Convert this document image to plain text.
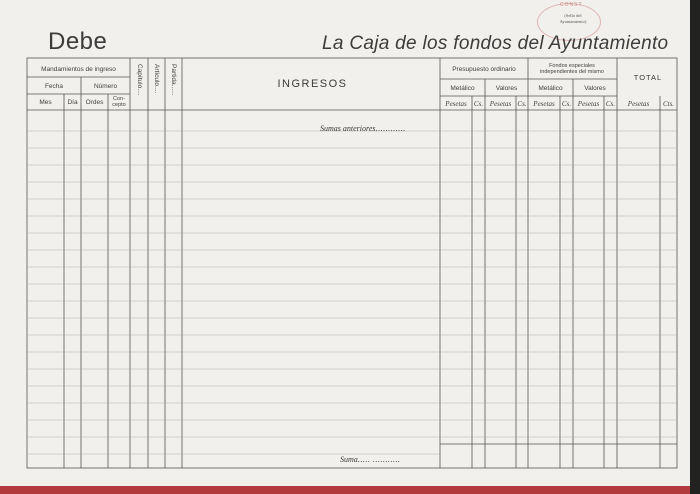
CONST
(Sello del Ayuntamiento)
Debe	La Caja de los fondos del Ayuntamiento
Mandamientos de ingreso
Fecha	Número
Mes	Día	Ordes	Con-
cepto
Capítulo.... Artículo.... Partida......	INGRESOS
Presupuesto ordinario	Fondos especiales independientes del mismo
Metálico	Valores	Metálico	Valores
TOTAL
Pesetas	Cs. Pesetas Cs. Pesetas	Cs. Pesetas Cs.	Pesetas	Cts.
Sumas anteriores............
Suma..... ...........
